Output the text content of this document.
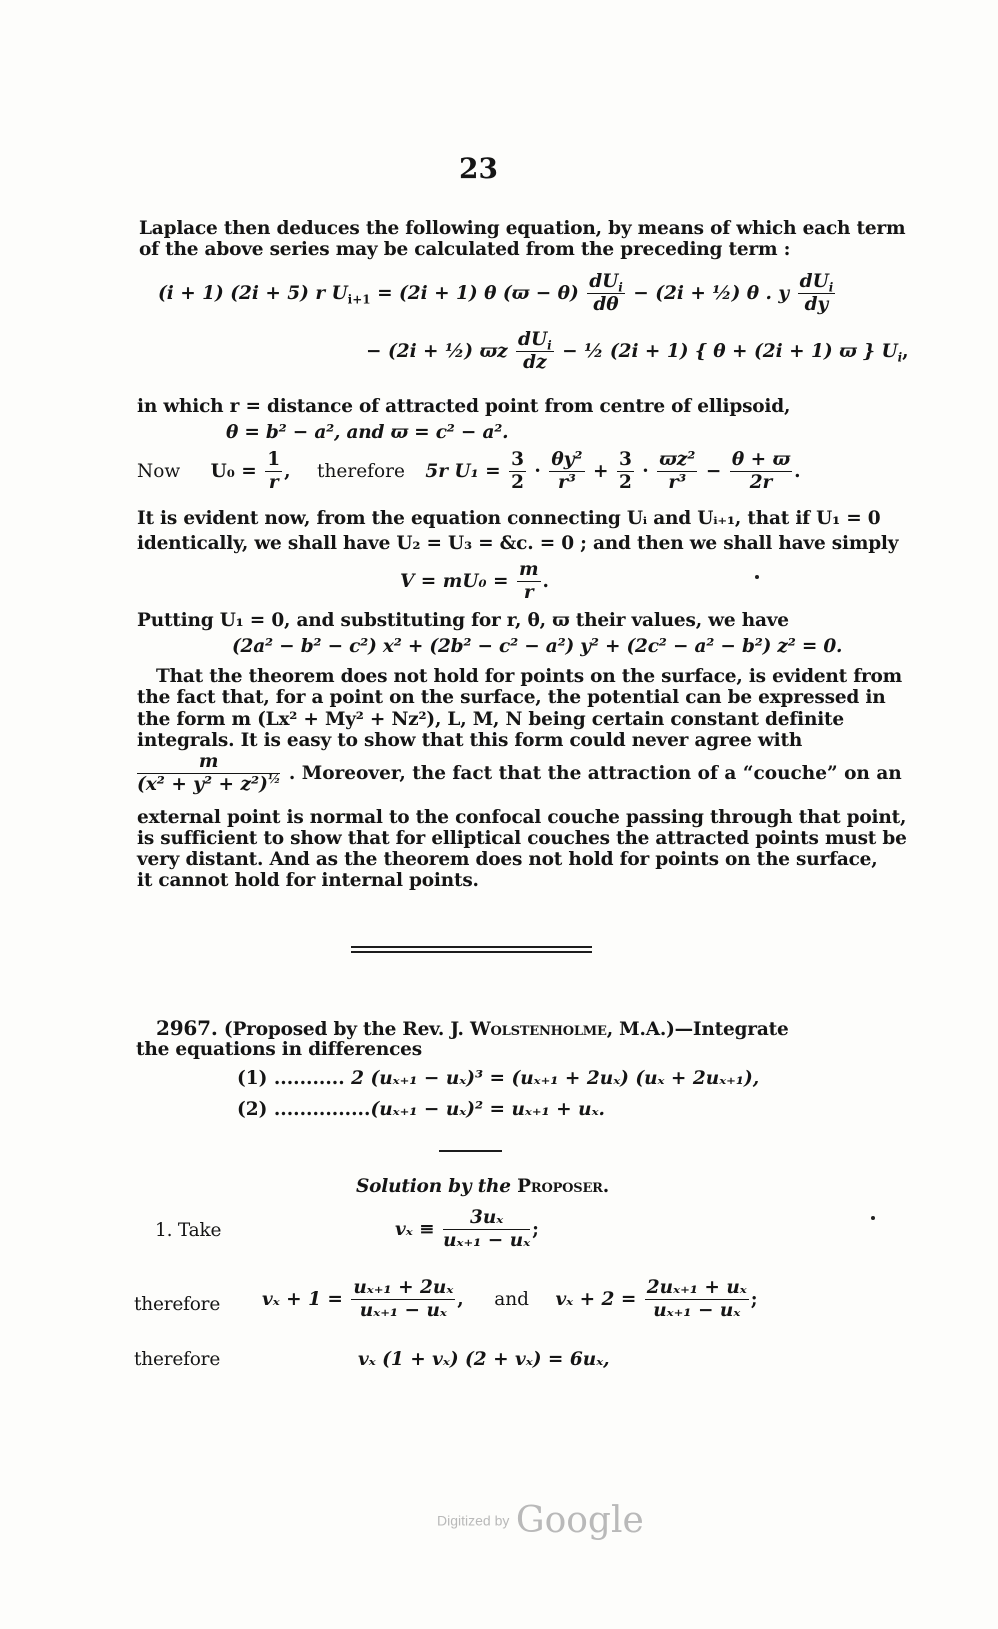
23
Laplace then deduces the following equation, by means of which each term
of the above series may be calculated from the preceding term :
(i + 1) (2i + 5) r $U_{i+1} = (2i + 1)$ θ $(ϖ - \theta) \frac{dU_i}{d\theta} - (2i$ + ½) θ . y $\frac{dU_i}{dy}$
− (2i + ½) ϖz $\frac{dU_i}{dz}$ − ½ (2i + 1) { θ + (2i + 1) ϖ } $U_i$,
in which r = distance of attracted point from centre of ellipsoid,
θ = b² − a², and ϖ = c² − a².
Now $U_0 = \frac{1}{r}$ , therefore 5r $U_1 = \frac{3}{2} \cdot \frac{\text{θy²}}{\text{r³}} + \frac{3}{2} \cdot \frac{\text{ϖz²}}{\text{r³}} - \frac{\theta + ϖ}{2r}$ .
It is evident now, from the equation connecting Uᵢ and Uᵢ₊₁, that if U₁ = 0
identically, we shall have U₂ = U₃ = &c. = 0 ; and then we shall have simply
$V = mU_0 = \frac{m}{r}$ .
Putting U₁ = 0, and substituting for r, θ, ϖ their values, we have
(2a² − b² − c²) x² + (2b² − c² − a²) y² + (2c² − a² − b²) z² = 0.
That the theorem does not hold for points on the surface, is evident from
the fact that, for a point on the surface, the potential can be expressed in
the form m (Lx² + My² + Nz²), L, M, N being certain constant definite
integrals. It is easy to show that this form could never agree with
$\frac{m}{(x^2 + y^2 + z^2)^{\frac{1}{2}}}$ . Moreover, the fact that the attraction of a “couche” on an
external point is normal to the confocal couche passing through that point,
is sufficient to show that for elliptical couches the attracted points must be
very distant. And as the theorem does not hold for points on the surface,
it cannot hold for internal points.
2967. (Proposed by the Rev. J. Wolstenholme, M.A.)—Integrate
the equations in differences
(1) ........... 2 (uₓ₊₁ − uₓ)³ = (uₓ₊₁ + 2uₓ) (uₓ + 2uₓ₊₁),
(2) ...............(uₓ₊₁ − uₓ)² = uₓ₊₁ + uₓ.
Solution by the Proposer.
1. Take	$v_x \equiv \frac{\text{3uₓ}}{\text{uₓ₊₁ − uₓ}}$ ;
therefore $v_x + 1 = \frac{\text{uₓ₊₁ + 2uₓ}}{\text{uₓ₊₁ − uₓ}}$ , and $v_x + 2 = \frac{\text{2uₓ₊₁ + uₓ}}{\text{uₓ₊₁ − uₓ}}$ ;
therefore	vₓ (1 + vₓ) (2 + vₓ) = 6uₓ,
Digitized by Google
